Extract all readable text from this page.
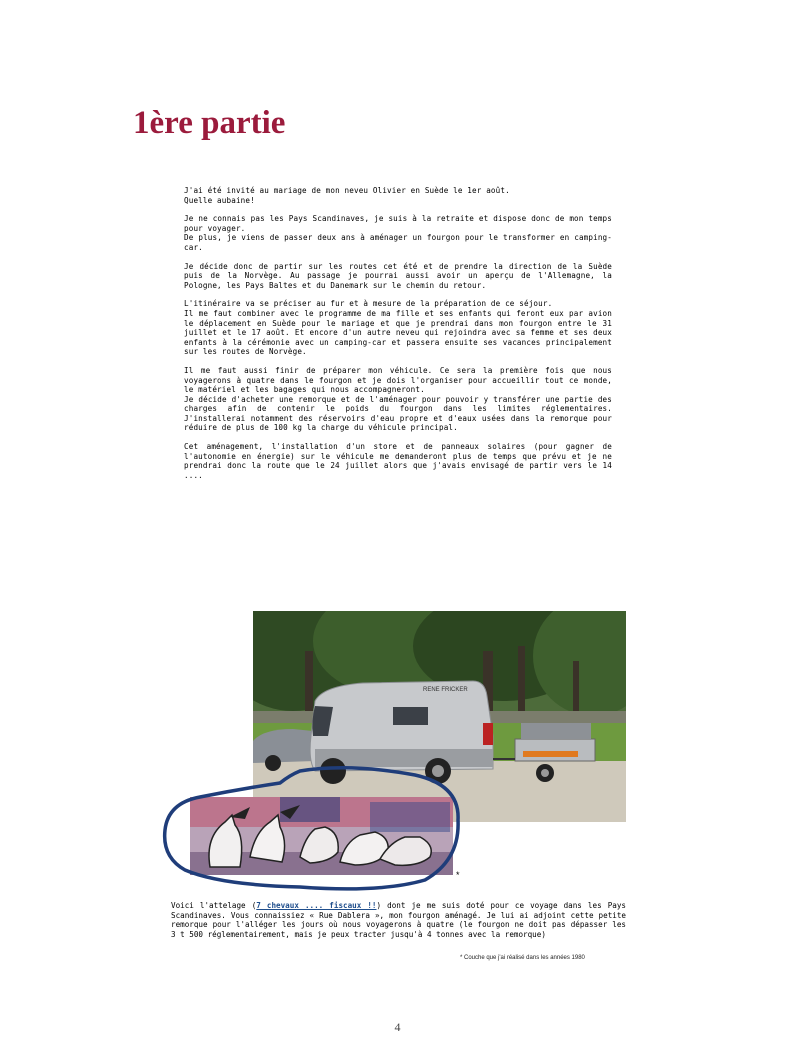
1ère partie

J'ai été invité au mariage de mon neveu Olivier en Suède le 1er août.
Quelle aubaine!

Je ne connais pas les Pays Scandinaves, je suis à la retraite et dispose donc de mon temps pour voyager.
De plus, je viens de passer deux ans à aménager un fourgon pour le transformer en camping-car.

Je décide donc de partir sur les routes cet été et de prendre la direction de la Suède puis de la Norvège. Au passage je pourrai aussi avoir un aperçu de l'Allemagne, la Pologne, les Pays Baltes et du Danemark sur le chemin du retour.

L'itinéraire va se préciser au fur et à mesure de la préparation de ce séjour.
Il me faut combiner avec le programme de ma fille et ses enfants qui feront eux par avion le déplacement en Suède pour le mariage et que je prendrai dans mon fourgon entre le 31 juillet et le 17 août. Et encore d'un autre neveu qui rejoindra avec sa femme et ses deux enfants à la cérémonie avec un camping-car et passera ensuite ses vacances principalement sur les routes de Norvège.

Il me faut aussi finir de préparer mon véhicule. Ce sera la première fois que nous voyagerons à quatre dans le fourgon et je dois l'organiser pour accueillir tout ce monde, le matériel et les bagages qui nous accompagneront.
Je décide d'acheter une remorque et de l'aménager pour pouvoir y transférer une partie des charges afin de contenir le poids du fourgon dans les limites réglementaires. J'installerai notamment des réservoirs d'eau propre et d'eaux usées dans la remorque pour réduire de plus de 100 kg la charge du véhicule principal.

Cet aménagement, l'installation d'un store et de panneaux solaires (pour gagner de l'autonomie en énergie) sur le véhicule me demanderont plus de temps que prévu et je ne prendrai donc la route que le 24 juillet alors que j'avais envisagé de partir vers le 14 ....

RENE FRICKER
*
Voici l'attelage (7 chevaux .... fiscaux !!) dont je me suis doté pour ce voyage dans les Pays Scandinaves. Vous connaissiez « Rue Dablera », mon fourgon aménagé. Je lui ai adjoint cette petite remorque pour l'alléger les jours où nous voyagerons à quatre (le fourgon ne doit pas dépasser les 3 t 500 réglementairement, mais je peux tracter jusqu'à 4 tonnes avec la remorque)
* Couche que j'ai réalisé dans les années 1980
4
